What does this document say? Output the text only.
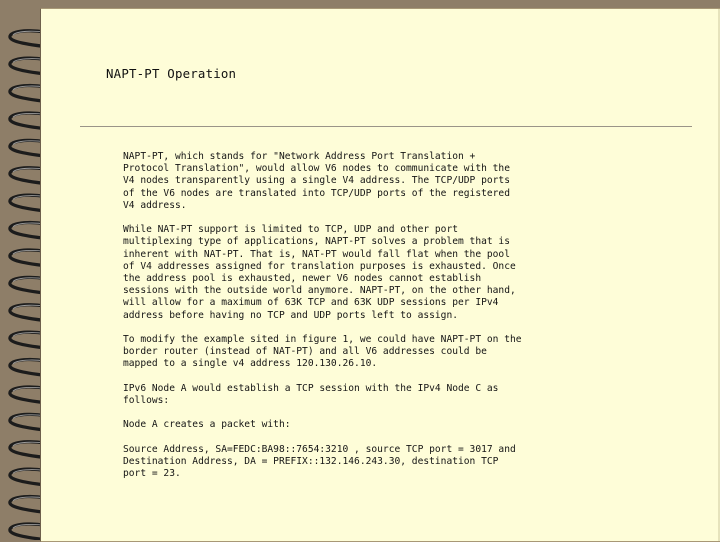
NAPT-PT Operation

NAPT-PT, which stands for "Network Address Port Translation +
Protocol Translation", would allow V6 nodes to communicate with the
V4 nodes transparently using a single V4 address. The TCP/UDP ports
of the V6 nodes are translated into TCP/UDP ports of the registered
V4 address.

While NAT-PT support is limited to TCP, UDP and other port
multiplexing type of applications, NAPT-PT solves a problem that is
inherent with NAT-PT. That is, NAT-PT would fall flat when the pool
of V4 addresses assigned for translation purposes is exhausted. Once
the address pool is exhausted, newer V6 nodes cannot establish
sessions with the outside world anymore. NAPT-PT, on the other hand,
will allow for a maximum of 63K TCP and 63K UDP sessions per IPv4
address before having no TCP and UDP ports left to assign.

To modify the example sited in figure 1, we could have NAPT-PT on the
border router (instead of NAT-PT) and all V6 addresses could be
mapped to a single v4 address 120.130.26.10.

IPv6 Node A would establish a TCP session with the IPv4 Node C as
follows:

Node A creates a packet with:

Source Address, SA=FEDC:BA98::7654:3210 , source TCP port = 3017 and
Destination Address, DA = PREFIX::132.146.243.30, destination TCP
port = 23.
